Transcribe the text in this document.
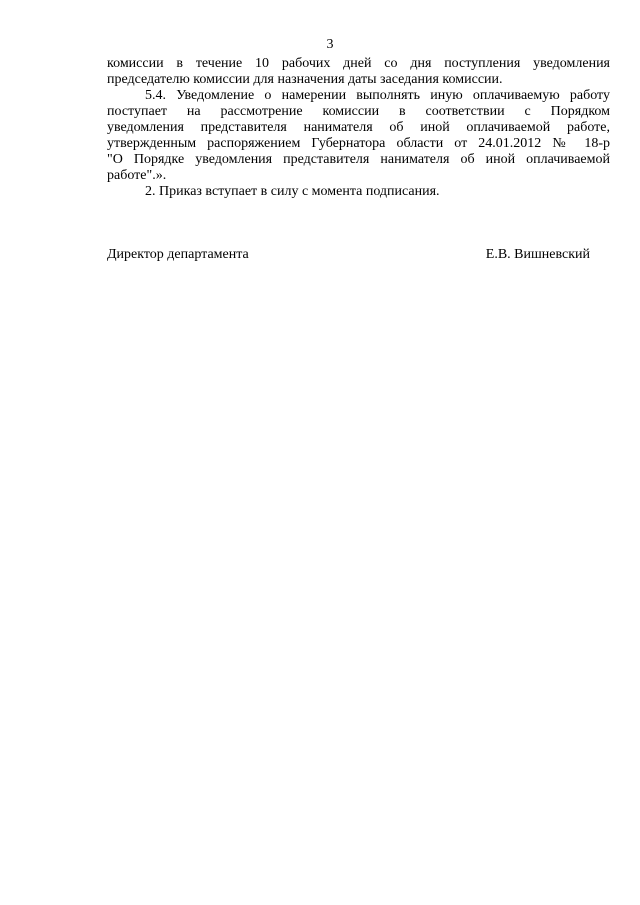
3

комиссии в течение 10 рабочих дней со дня поступления уведомления
председателю комиссии для назначения даты заседания комиссии.

5.4. Уведомление о намерении выполнять иную оплачиваемую работу
поступает на рассмотрение комиссии в соответствии с Порядком
уведомления представителя нанимателя об иной оплачиваемой работе,
утвержденным распоряжением Губернатора области от 24.01.2012 № 18-р
"О Порядке уведомления представителя нанимателя об иной оплачиваемой
работе".».

2. Приказ вступает в силу с момента подписания.

Директор департамента	Е.В. Вишневский
